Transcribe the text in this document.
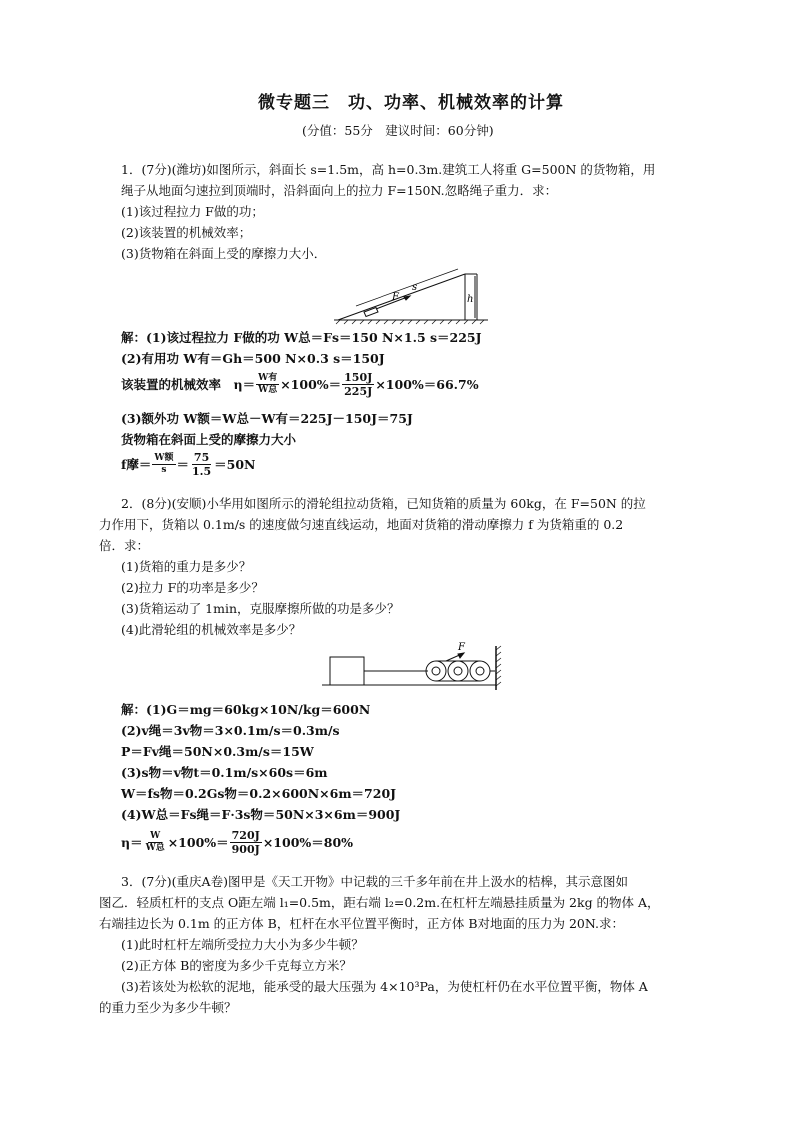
微专题三　功、功率、机械效率的计算
(分值：55分　建议时间：60分钟)
1．(7分)(潍坊)如图所示，斜面长 s=1.5m，高 h=0.3m.建筑工人将重 G=500N 的货物箱，用
绳子从地面匀速拉到顶端时，沿斜面向上的拉力 F=150N.忽略绳子重力．求：
(1)该过程拉力 F做的功；
(2)该装置的机械效率；
(3)货物箱在斜面上受的摩擦力大小．
s
F	h
解：(1)该过程拉力 F做的功 W总＝Fs＝150 N×1.5 s＝225J
(2)有用功 W有＝Gh＝500 N×0.3 s＝150J
该装置的机械效率　$\eta= \frac{\text{W有}}{\text{W总}} \times 100\%= \frac{150J}{225J} \times 100\%=66.7\%$
(3)额外功 W额＝W总－W有＝225J－150J＝75J
货物箱在斜面上受的摩擦力大小
f摩＝ $\frac{\text{W额}}{s} = \frac{75}{1.5} =50N$
2．(8分)(安顺)小华用如图所示的滑轮组拉动货箱，已知货箱的质量为 60kg，在 F=50N 的拉
力作用下，货箱以 0.1m/s 的速度做匀速直线运动，地面对货箱的滑动摩擦力 f 为货箱重的 0.2
倍．求：
(1)货箱的重力是多少？
(2)拉力 F的功率是多少？
(3)货箱运动了 1min，克服摩擦所做的功是多少？
(4)此滑轮组的机械效率是多少？
F
解：(1)G＝mg＝60kg×10N/kg＝600N
(2)v绳＝3v物＝3×0.1m/s＝0.3m/s
P＝Fv绳＝50N×0.3m/s＝15W
(3)s物＝v物t＝0.1m/s×60s＝6m
W＝fs物＝0.2Gs物＝0.2×600N×6m＝720J
(4)W总＝Fs绳＝F·3s物＝50N×3×6m＝900J
$\eta= \frac{W}{\text{W总}} \times 100\%= \frac{720J}{900J} \times 100\%=80\%$
3．(7分)(重庆A卷)图甲是《天工开物》中记载的三千多年前在井上汲水的桔槔，其示意图如
图乙．轻质杠杆的支点 O距左端 l₁=0.5m，距右端 l₂=0.2m.在杠杆左端悬挂质量为 2kg 的物体 A，
右端挂边长为 0.1m 的正方体 B，杠杆在水平位置平衡时，正方体 B对地面的压力为 20N.求：
(1)此时杠杆左端所受拉力大小为多少牛顿？
(2)正方体 B的密度为多少千克每立方米？
(3)若该处为松软的泥地，能承受的最大压强为 4×10³Pa，为使杠杆仍在水平位置平衡，物体 A
的重力至少为多少牛顿？
